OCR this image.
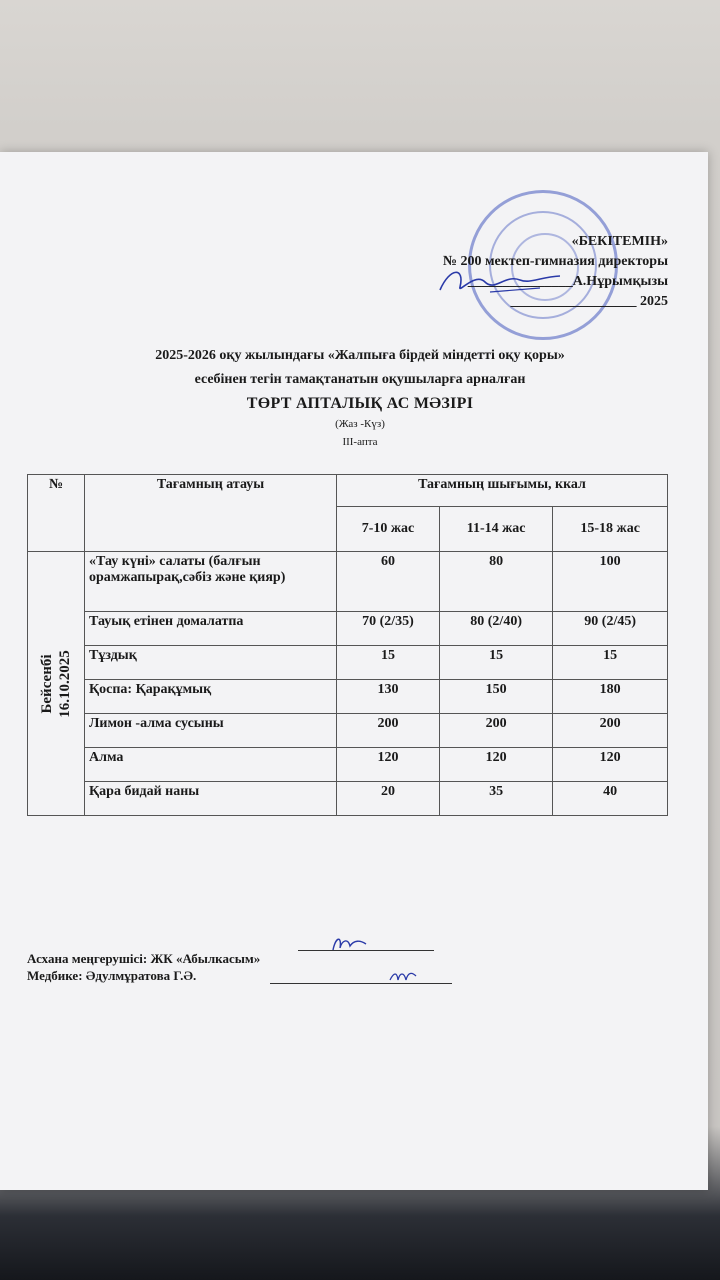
«БЕКІТЕМІН»
№ 200 мектеп-гимназия директоры
_______________А.Нұрымқызы
__________________ 2025
2025-2026 оқу жылындағы «Жалпыға бірдей міндетті оқу қоры»
есебінен тегін тамақтанатын оқушыларға арналған
ТӨРТ АПТАЛЫҚ АС МӘЗІРІ
(Жаз -Күз)
III-апта
№	Тағамның атауы	Тағамның шығымы, ккал		
		7-10 жас	11-14 жас	15-18 жас

Бейсенбі 16.10.2025	«Тау күні» салаты (балғын орамжапырақ,сәбіз және қияр)	60	80	100
	Тауық етінен домалатпа	70 (2/35)	80 (2/40)	90 (2/45)
	Тұздық	15	15	15
	Қоспа: Қарақұмық	130	150	180
	Лимон -алма сусыны	200	200	200
	Алма	120	120	120
	Қара бидай наны	20	35	40
Асхана меңгерушісі: ЖК «Абылкасым»
Медбике: Әдулмұратова Г.Ә.
